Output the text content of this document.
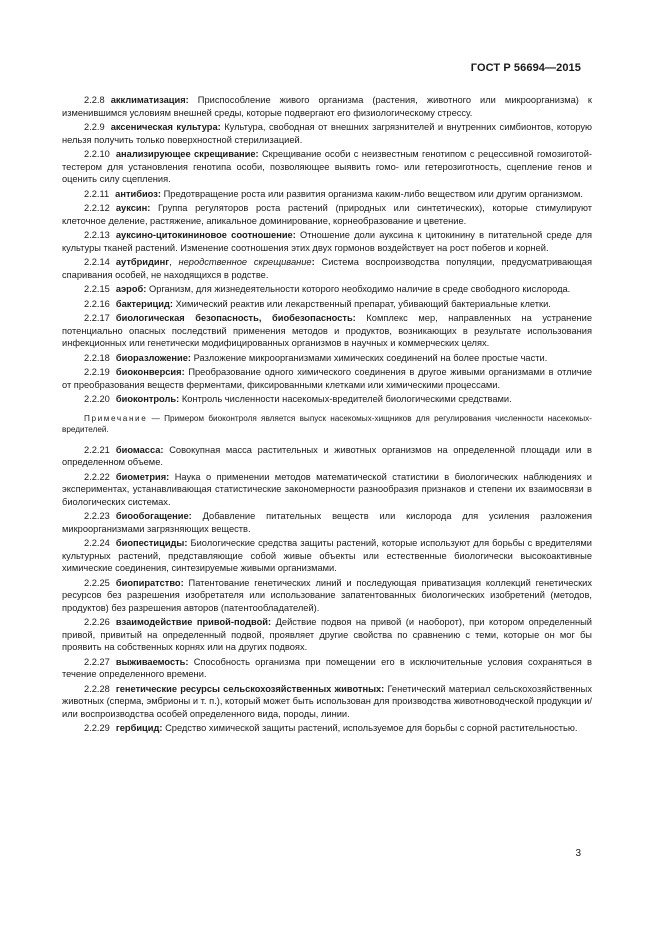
ГОСТ Р 56694—2015

2.2.8 акклиматизация: Приспособление живого организма (растения, животного или микроорганизма) к изменившимся условиям внешней среды, которые подвергают его физиологическому стрессу.

2.2.9 аксеническая культура: Культура, свободная от внешних загрязнителей и внутренних симбионтов, которую нельзя получить только поверхностной стерилизацией.

2.2.10 анализирующее скрещивание: Скрещивание особи с неизвестным генотипом с рецессивной гомозиготой-тестером для установления генотипа особи, позволяющее выявить гомо- или гетерозиготность, сцепление генов и оценить силу сцепления.

2.2.11 антибиоз: Предотвращение роста или развития организма каким-либо веществом или другим организмом.

2.2.12 ауксин: Группа регуляторов роста растений (природных или синтетических), которые стимулируют клеточное деление, растяжение, апикальное доминирование, корнеобразование и цветение.

2.2.13 ауксино-цитокининовое соотношение: Отношение доли ауксина к цитокинину в питательной среде для культуры тканей растений. Изменение соотношения этих двух гормонов воздействует на рост побегов и корней.

2.2.14 аутбридинг, неродственное скрещивание: Система воспроизводства популяции, предусматривающая спаривания особей, не находящихся в родстве.

2.2.15 аэроб: Организм, для жизнедеятельности которого необходимо наличие в среде свободного кислорода.

2.2.16 бактерицид: Химический реактив или лекарственный препарат, убивающий бактериальные клетки.

2.2.17 биологическая безопасность, биобезопасность: Комплекс мер, направленных на устранение потенциально опасных последствий применения методов и продуктов, возникающих в результате использования инфекционных или генетически модифицированных организмов в научных и коммерческих целях.

2.2.18 биоразложение: Разложение микроорганизмами химических соединений на более простые части.

2.2.19 биоконверсия: Преобразование одного химического соединения в другое живыми организмами в отличие от преобразования веществ ферментами, фиксированными клетками или химическими процессами.

2.2.20 биоконтроль: Контроль численности насекомых-вредителей биологическими средствами.

Примечание — Примером биоконтроля является выпуск насекомых-хищников для регулирования численности насекомых-вредителей.

2.2.21 биомасса: Совокупная масса растительных и животных организмов на определенной площади или в определенном объеме.

2.2.22 биометрия: Наука о применении методов математической статистики в биологических наблюдениях и экспериментах, устанавливающая статистические закономерности разнообразия признаков и степени их взаимосвязи в биологических системах.

2.2.23 биообогащение: Добавление питательных веществ или кислорода для усиления разложения микроорганизмами загрязняющих веществ.

2.2.24 биопестициды: Биологические средства защиты растений, которые используют для борьбы с вредителями культурных растений, представляющие собой живые объекты или естественные биологически высокоактивные химические соединения, синтезируемые живыми организмами.

2.2.25 биопиратство: Патентование генетических линий и последующая приватизация коллекций генетических ресурсов без разрешения изобретателя или использование запатентованных биологических изобретений (методов, продуктов) без разрешения авторов (патентообладателей).

2.2.26 взаимодействие привой-подвой: Действие подвоя на привой (и наоборот), при котором определенный привой, привитый на определенный подвой, проявляет другие свойства по сравнению с теми, которые он мог бы проявить на собственных корнях или на других подвоях.

2.2.27 выживаемость: Способность организма при помещении его в исключительные условия сохраняться в течение определенного времени.

2.2.28 генетические ресурсы сельскохозяйственных животных: Генетический материал сельскохозяйственных животных (сперма, эмбрионы и т. п.), который может быть использован для производства животноводческой продукции и/или воспроизводства особей определенного вида, породы, линии.

2.2.29 гербицид: Средство химической защиты растений, используемое для борьбы с сорной растительностью.

3
